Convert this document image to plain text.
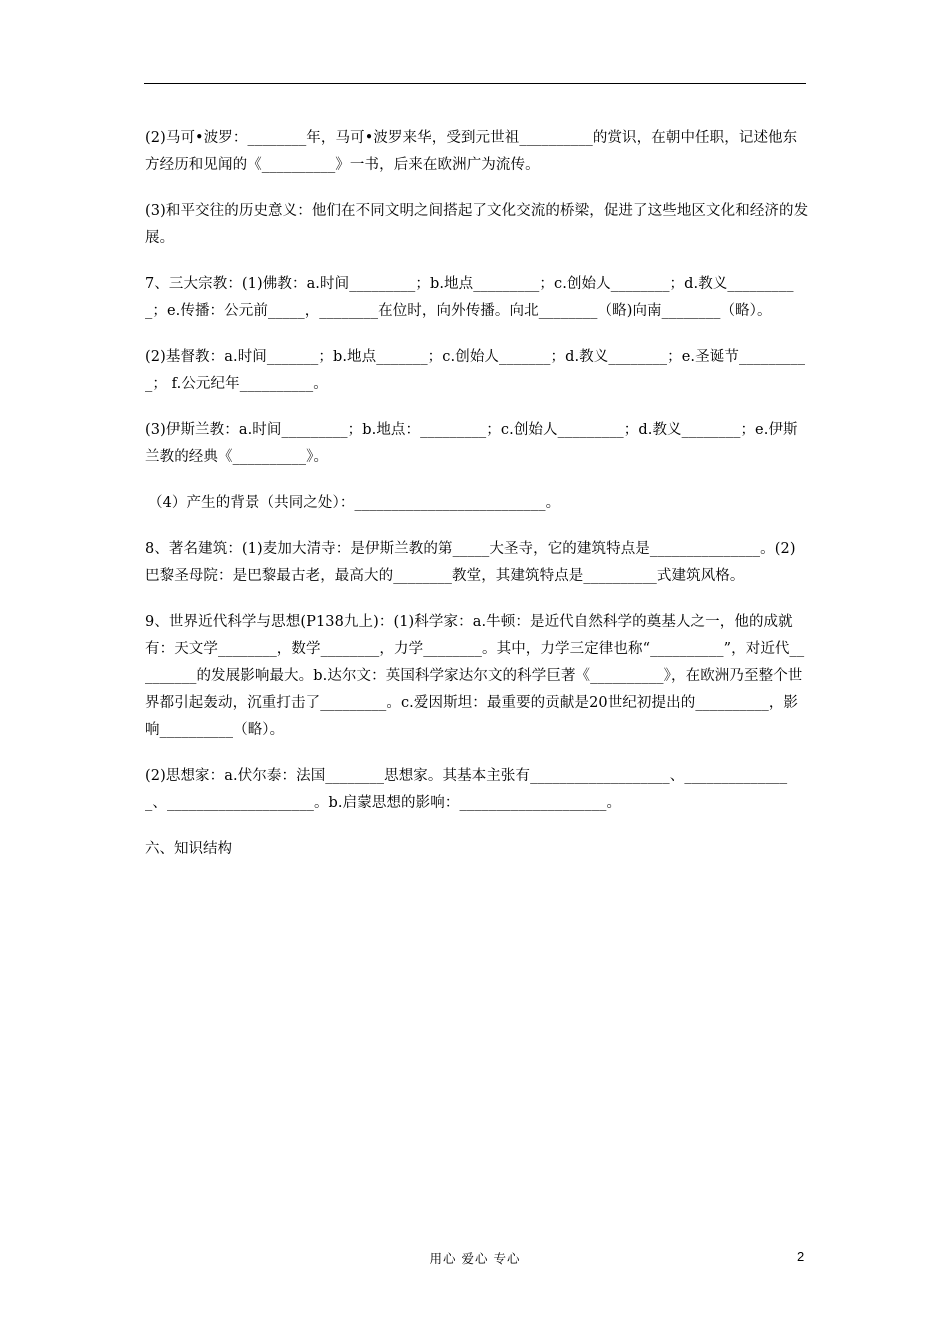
(2)马可•波罗：________年，马可•波罗来华，受到元世祖__________的赏识，在朝中任职，记述他东方经历和见闻的《__________》一书，后来在欧洲广为流传。

(3)和平交往的历史意义：他们在不同文明之间搭起了文化交流的桥梁，促进了这些地区文化和经济的发展。

7、三大宗教：(1)佛教：a.时间_________；b.地点_________；c.创始人________；d.教义__________；e.传播：公元前_____，________在位时，向外传播。向北________（略)向南________（略）。

(2)基督教：a.时间_______；b.地点_______；c.创始人_______；d.教义________；e.圣诞节__________； f.公元纪年__________。

(3)伊斯兰教：a.时间_________；b.地点：_________；c.创始人_________；d.教义________；e.伊斯兰教的经典《__________》。

（4）产生的背景（共同之处）：__________________________。

8、著名建筑：(1)麦加大清寺：是伊斯兰教的第_____大圣寺，它的建筑特点是_______________。(2)巴黎圣母院：是巴黎最古老，最高大的________教堂，其建筑特点是__________式建筑风格。

9、世界近代科学与思想(P138九上)：(1)科学家：a.牛顿：是近代自然科学的奠基人之一，他的成就有：天文学________，数学________，力学________。其中，力学三定律也称“__________”，对近代_________的发展影响最大。b.达尔文：英国科学家达尔文的科学巨著《__________》，在欧洲乃至整个世界都引起轰动，沉重打击了_________。c.爱因斯坦：最重要的贡献是20世纪初提出的__________，影响__________（略）。

(2)思想家：a.伏尔泰：法国________思想家。其基本主张有___________________、_______________、____________________。b.启蒙思想的影响：____________________。

六、知识结构

用心 爱心 专心	2
